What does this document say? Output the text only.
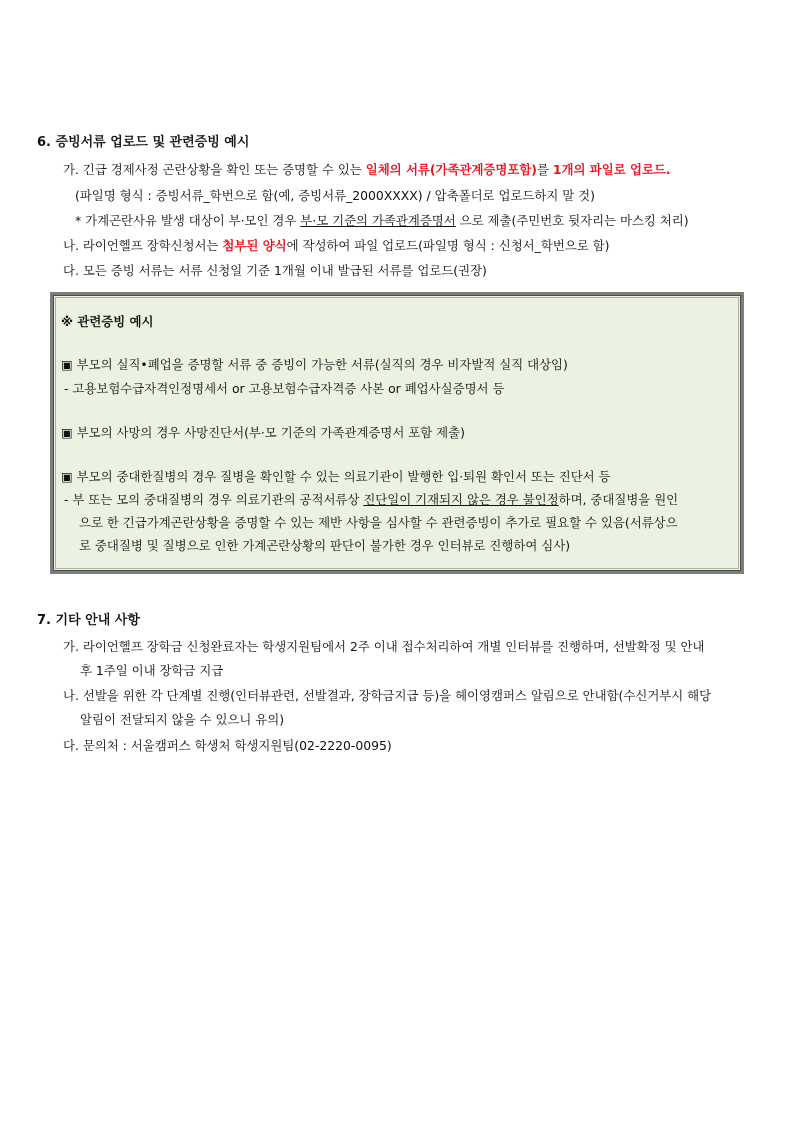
6. 증빙서류 업로드 및 관련증빙 예시
가. 긴급 경제사정 곤란상황을 확인 또는 증명할 수 있는 일체의 서류(가족관계증명포함)를 1개의 파일로 업로드.
(파일명 형식 : 증빙서류_학번으로 함(예, 증빙서류_2000XXXX) / 압축폴더로 업로드하지 말 것)
* 가계곤란사유 발생 대상이 부·모인 경우 부·모 기준의 가족관계증명서 으로 제출(주민번호 뒷자리는 마스킹 처리)
나. 라이언헬프 장학신청서는 첨부된 양식에 작성하여 파일 업로드(파일명 형식 : 신청서_학번으로 함)
다. 모든 증빙 서류는 서류 신청일 기준 1개월 이내 발급된 서류를 업로드(권장)
※ 관련증빙 예시
▣ 부모의 실직•폐업을 증명할 서류 중 증빙이 가능한 서류(실직의 경우 비자발적 실직 대상임)
- 고용보험수급자격인정명세서 or 고용보험수급자격증 사본 or 폐업사실증명서 등
▣ 부모의 사망의 경우 사망진단서(부·모 기준의 가족관계증명서 포함 제출)
▣ 부모의 중대한질병의 경우 질병을 확인할 수 있는 의료기관이 발행한 입·퇴원 확인서 또는 진단서 등
- 부 또는 모의 중대질병의 경우 의료기관의 공적서류상 진단일이 기재되지 않은 경우 불인정하며, 중대질병을 원인
으로 한 긴급가계곤란상황을 증명할 수 있는 제반 사항을 심사할 수 관련증빙이 추가로 필요할 수 있음(서류상으
로 중대질병 및 질병으로 인한 가계곤란상황의 판단이 불가한 경우 인터뷰로 진행하여 심사)
7. 기타 안내 사항
가. 라이언헬프 장학금 신청완료자는 학생지원팀에서 2주 이내 접수처리하여 개별 인터뷰를 진행하며, 선발확정 및 안내
후 1주일 이내 장학금 지급
나. 선발을 위한 각 단계별 진행(인터뷰관련, 선발결과, 장학금지급 등)을 헤이영캠퍼스 알림으로 안내함(수신거부시 해당
알림이 전달되지 않을 수 있으니 유의)
다. 문의처 : 서울캠퍼스 학생처 학생지원팀(02-2220-0095)
